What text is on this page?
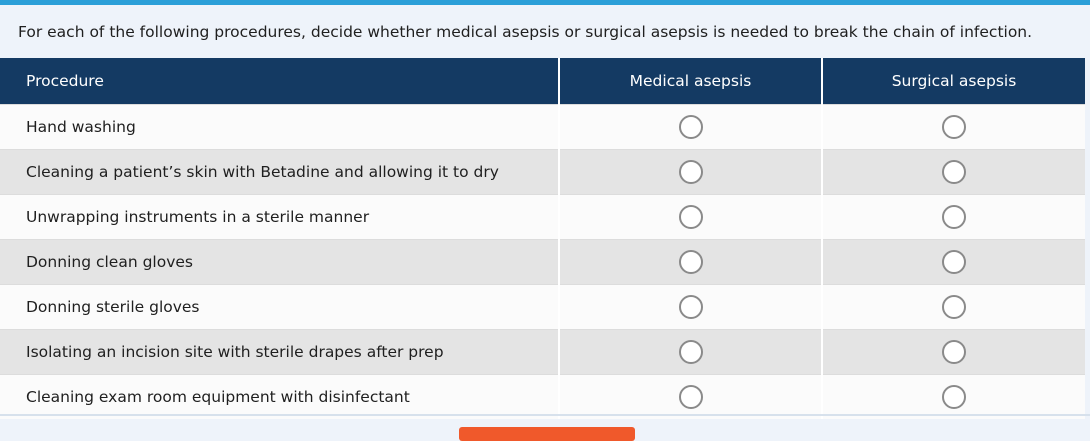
For each of the following procedures, decide whether medical asepsis or surgical asepsis is needed to break the chain of infection.
Procedure	Medical asepsis	Surgical asepsis
Hand washing		
Cleaning a patient’s skin with Betadine and allowing it to dry		
Unwrapping instruments in a sterile manner		
Donning clean gloves		
Donning sterile gloves		
Isolating an incision site with sterile drapes after prep		
Cleaning exam room equipment with disinfectant		
